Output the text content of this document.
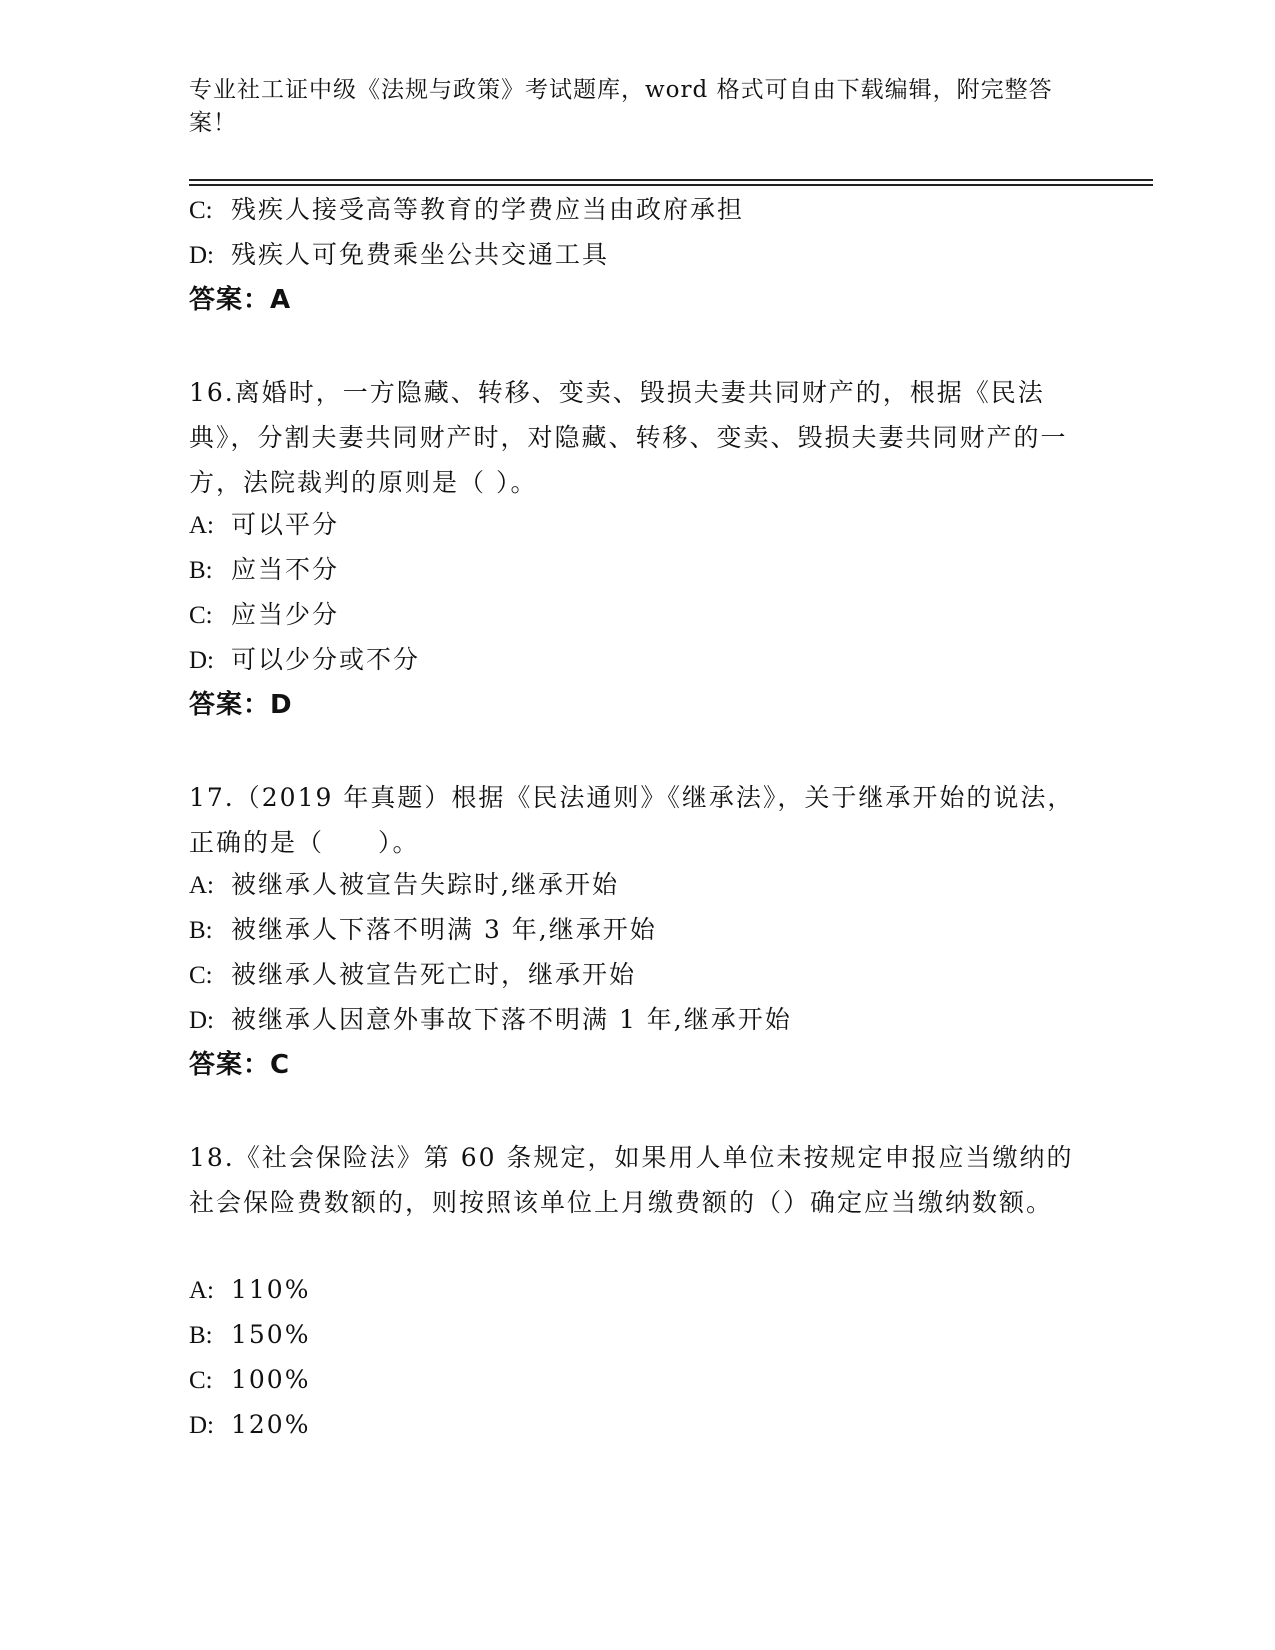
专业社工证中级《法规与政策》考试题库，word 格式可自由下载编辑，附完整答案！
C: 残疾人接受高等教育的学费应当由政府承担
D: 残疾人可免费乘坐公共交通工具
答案：A
16.离婚时，一方隐藏、转移、变卖、毁损夫妻共同财产的，根据《民法典》，分割夫妻共同财产时，对隐藏、转移、变卖、毁损夫妻共同财产的一方，法院裁判的原则是（ ）。
A: 可以平分
B: 应当不分
C: 应当少分
D: 可以少分或不分
答案：D
17.（2019 年真题）根据《民法通则》《继承法》，关于继承开始的说法，正确的是（　　）。
A: 被继承人被宣告失踪时,继承开始
B: 被继承人下落不明满 3 年,继承开始
C: 被继承人被宣告死亡时，继承开始
D: 被继承人因意外事故下落不明满 1 年,继承开始
答案：C
18.《社会保险法》第 60 条规定，如果用人单位未按规定申报应当缴纳的社会保险费数额的，则按照该单位上月缴费额的（）确定应当缴纳数额。
A: 110%
B: 150%
C: 100%
D: 120%
